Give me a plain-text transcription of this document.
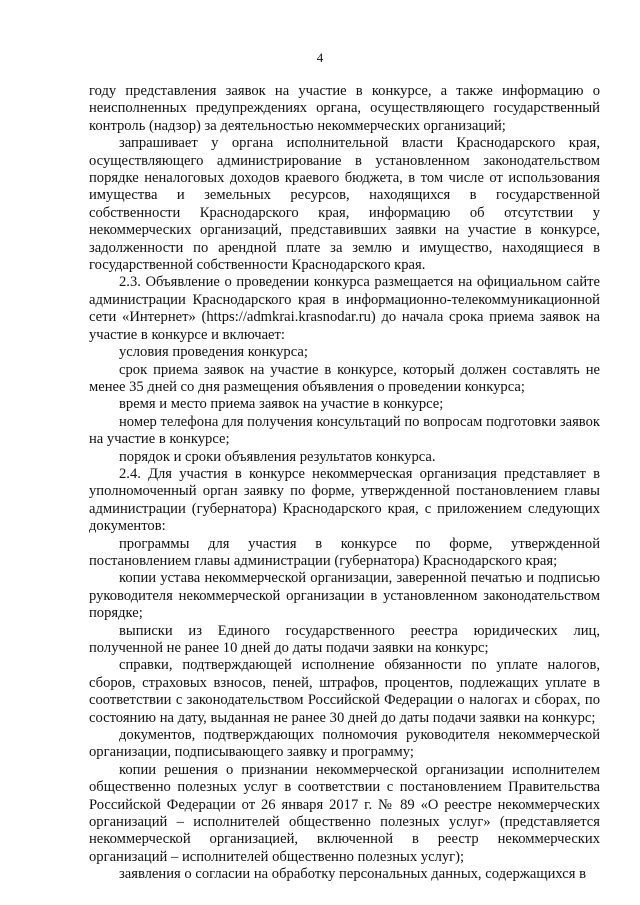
4

году представления заявок на участие в конкурсе, а также информацию о неисполненных предупреждениях органа, осуществляющего государственный контроль (надзор) за деятельностью некоммерческих организаций;

запрашивает у органа исполнительной власти Краснодарского края, осуществляющего администрирование в установленном законодательством порядке неналоговых доходов краевого бюджета, в том числе от использования имущества и земельных ресурсов, находящихся в государственной собственности Краснодарского края, информацию об отсутствии у некоммерческих организаций, представивших заявки на участие в конкурсе, задолженности по арендной плате за землю и имущество, находящиеся в государственной собственности Краснодарского края.

2.3. Объявление о проведении конкурса размещается на официальном сайте администрации Краснодарского края в информационно-телекоммуникационной сети «Интернет» (https://admkrai.krasnodar.ru) до начала срока приема заявок на участие в конкурсе и включает:

условия проведения конкурса;

срок приема заявок на участие в конкурсе, который должен составлять не менее 35 дней со дня размещения объявления о проведении конкурса;

время и место приема заявок на участие в конкурсе;

номер телефона для получения консультаций по вопросам подготовки заявок на участие в конкурсе;

порядок и сроки объявления результатов конкурса.

2.4. Для участия в конкурсе некоммерческая организация представляет в уполномоченный орган заявку по форме, утвержденной постановлением главы администрации (губернатора) Краснодарского края, с приложением следующих документов:

программы для участия в конкурсе по форме, утвержденной постановлением главы администрации (губернатора) Краснодарского края;

копии устава некоммерческой организации, заверенной печатью и подписью руководителя некоммерческой организации в установленном законодательством порядке;

выписки из Единого государственного реестра юридических лиц, полученной не ранее 10 дней до даты подачи заявки на конкурс;

справки, подтверждающей исполнение обязанности по уплате налогов, сборов, страховых взносов, пеней, штрафов, процентов, подлежащих уплате в соответствии с законодательством Российской Федерации о налогах и сборах, по состоянию на дату, выданная не ранее 30 дней до даты подачи заявки на конкурс;

документов, подтверждающих полномочия руководителя некоммерческой организации, подписывающего заявку и программу;

копии решения о признании некоммерческой организации исполнителем общественно полезных услуг в соответствии с постановлением Правительства Российской Федерации от 26 января 2017 г. № 89 «О реестре некоммерческих организаций – исполнителей общественно полезных услуг» (представляется некоммерческой организацией, включенной в реестр некоммерческих организаций – исполнителей общественно полезных услуг);

заявления о согласии на обработку персональных данных, содержащихся в
